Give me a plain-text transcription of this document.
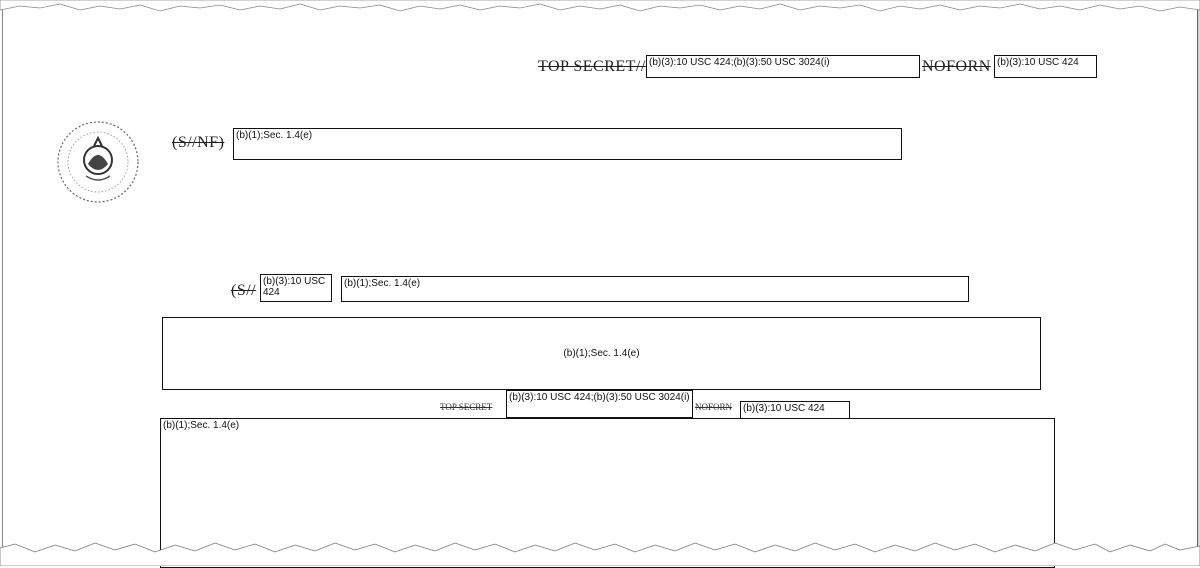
TOP SECRET// (b)(3):10 USC 424;(b)(3):50 USC 3024(i)	NOFORN (b)(3):10 USC 424
(S//NF)	(b)(1);Sec. 1.4(e)
(S//
(b)(3):10 USC 424
(b)(1);Sec. 1.4(e)
(b)(1);Sec. 1.4(e)
TOP SECRET
(b)(3):10 USC 424;(b)(3):50 USC 3024(i)
NOFORN	(b)(3):10 USC 424
(b)(1);Sec. 1.4(e)
